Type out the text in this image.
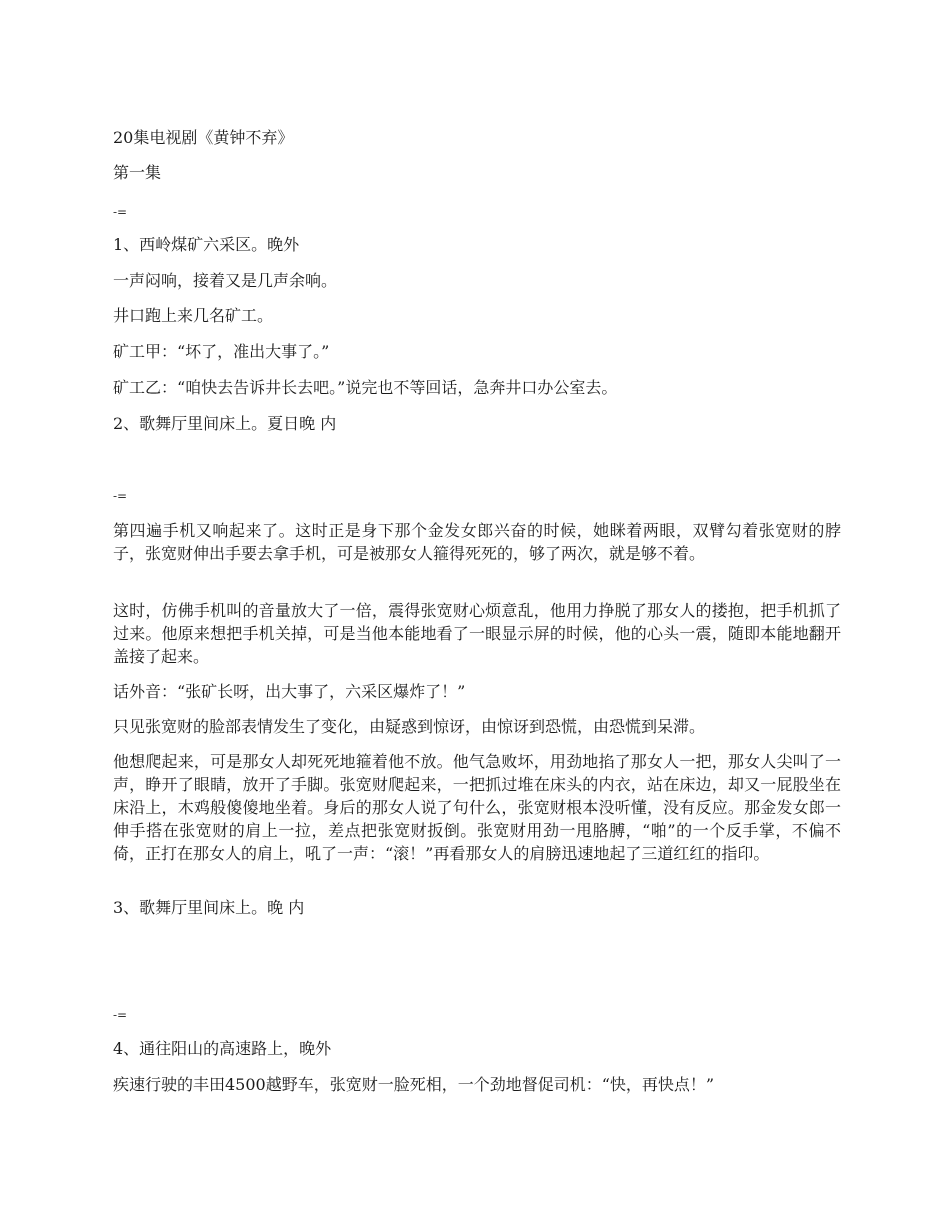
20集电视剧《黄钟不弃》
第一集
-=
1、西岭煤矿六采区。晚外
一声闷响，接着又是几声余响。
井口跑上来几名矿工。
矿工甲：“坏了，准出大事了。”
矿工乙：“咱快去告诉井长去吧。”说完也不等回话，急奔井口办公室去。
2、歌舞厅里间床上。夏日晚 内
-=
第四遍手机又响起来了。这时正是身下那个金发女郎兴奋的时候，她眯着两眼，双臂勾着张宽财的脖子，张宽财伸出手要去拿手机，可是被那女人箍得死死的，够了两次，就是够不着。
这时，仿佛手机叫的音量放大了一倍，震得张宽财心烦意乱，他用力挣脱了那女人的搂抱，把手机抓了过来。他原来想把手机关掉，可是当他本能地看了一眼显示屏的时候，他的心头一震，随即本能地翻开盖接了起来。
话外音：“张矿长呀，出大事了，六采区爆炸了！”
只见张宽财的脸部表情发生了变化，由疑惑到惊讶，由惊讶到恐慌，由恐慌到呆滞。
他想爬起来，可是那女人却死死地箍着他不放。他气急败坏，用劲地掐了那女人一把，那女人尖叫了一声，睁开了眼睛，放开了手脚。张宽财爬起来，一把抓过堆在床头的内衣，站在床边，却又一屁股坐在床沿上，木鸡般傻傻地坐着。身后的那女人说了句什么，张宽财根本没听懂，没有反应。那金发女郎一伸手搭在张宽财的肩上一拉，差点把张宽财扳倒。张宽财用劲一甩胳膊，“啪”的一个反手掌，不偏不倚，正打在那女人的肩上，吼了一声：“滚！”再看那女人的肩膀迅速地起了三道红红的指印。
3、歌舞厅里间床上。晚 内
-=
4、通往阳山的高速路上，晚外
疾速行驶的丰田4500越野车，张宽财一脸死相，一个劲地督促司机：“快，再快点！”
